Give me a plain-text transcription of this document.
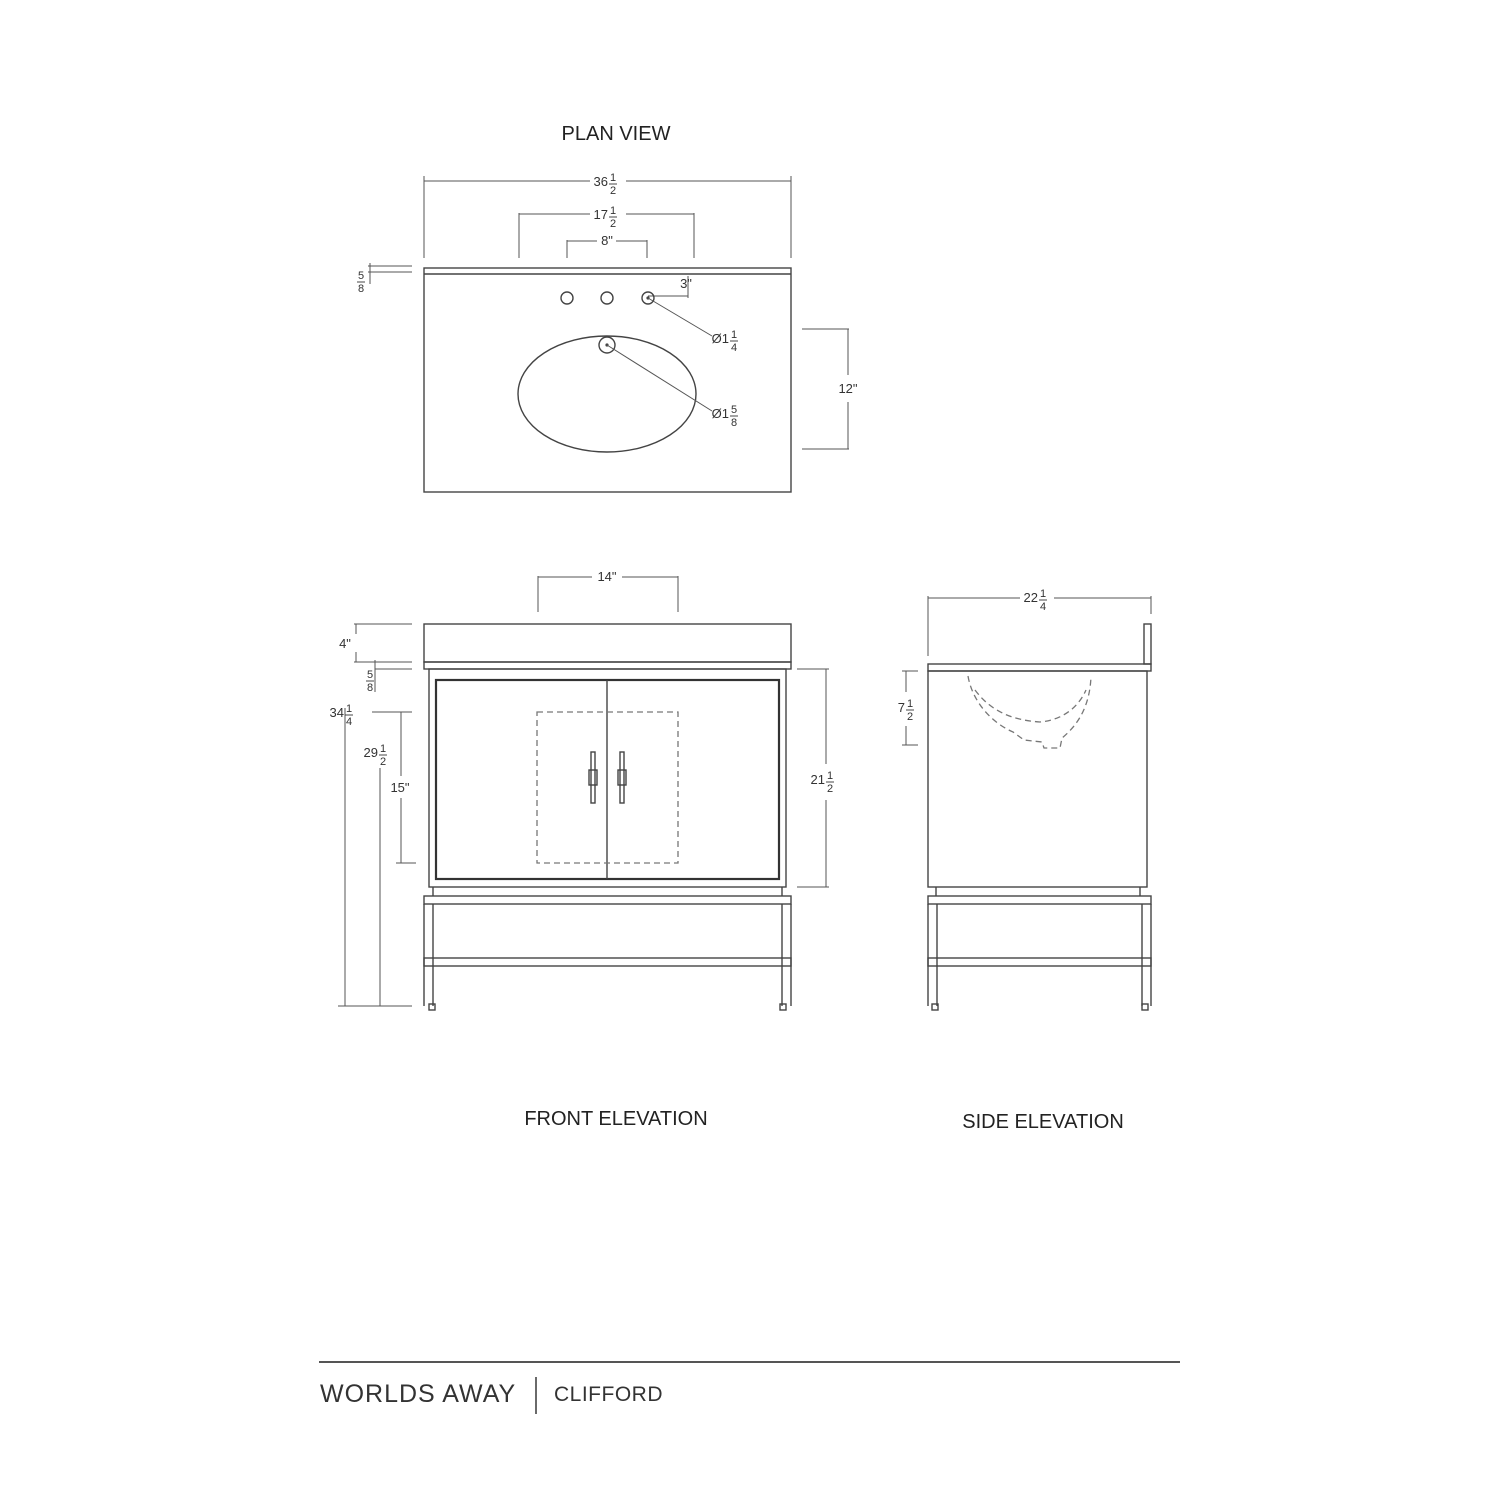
PLAN VIEW
36 1
2
17 1
2
8"
5
8	3"
Ø1 1
4
Ø1 5
8
12"
14"
4"
5
8
34 1
4
29 1
2
15"
21 1
2
FRONT ELEVATION
22 1
4
7 1
2
SIDE ELEVATION
WORLDS AWAY CLIFFORD
